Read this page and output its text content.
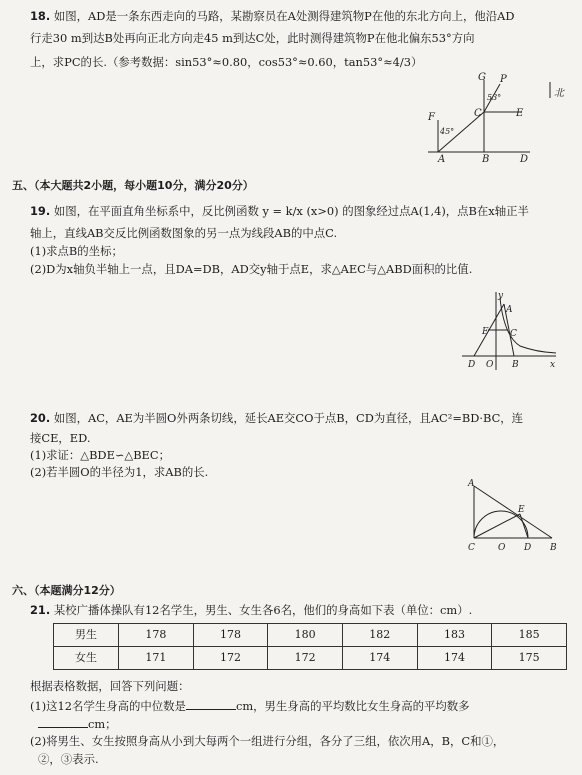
18. 如图，AD是一条东西走向的马路，某勘察员在A处测得建筑物P在他的东北方向上，他沿AD
行走30 m到达B处再向正北方向走45 m到达C处，此时测得建筑物P在他北偏东53°方向
上，求PC的长.（参考数据：sin53°≈0.80，cos53°≈0.60，tan53°≈4/3）
F
A	B	D
C	E
G P
53°
45°
北
五、（本大题共2小题，每小题10分，满分20分）
19. 如图，在平面直角坐标系中，反比例函数 y = k/x (x>0) 的图象经过点A(1,4)，点B在x轴正半
轴上，直线AB交反比例函数图象的另一点为线段AB的中点C.
(1)求点B的坐标；
(2)D为x轴负半轴上一点，且DA=DB，AD交y轴于点E，求△AEC与△ABD面积的比值.
y
A
E C
D O B	x
20. 如图，AC，AE为半圆O外两条切线，延长AE交CO于点B，CD为直径，且AC²=BD·BC，连
接CE，ED.
(1)求证：△BDE∽△BEC；
(2)若半圆O的半径为1，求AB的长.
A
E
C	O D B
六、（本题满分12分）
21. 某校广播体操队有12名学生，男生、女生各6名，他们的身高如下表（单位：cm）.
男生	178	178	180	182	183	185
女生	171	172	172	174	174	175
根据表格数据，回答下列问题：
(1)这12名学生身高的中位数是	cm，男生身高的平均数比女生身高的平均数多
cm；
(2)将男生、女生按照身高从小到大每两个一组进行分组，各分了三组，依次用A，B，C和①，
②，③表示.
